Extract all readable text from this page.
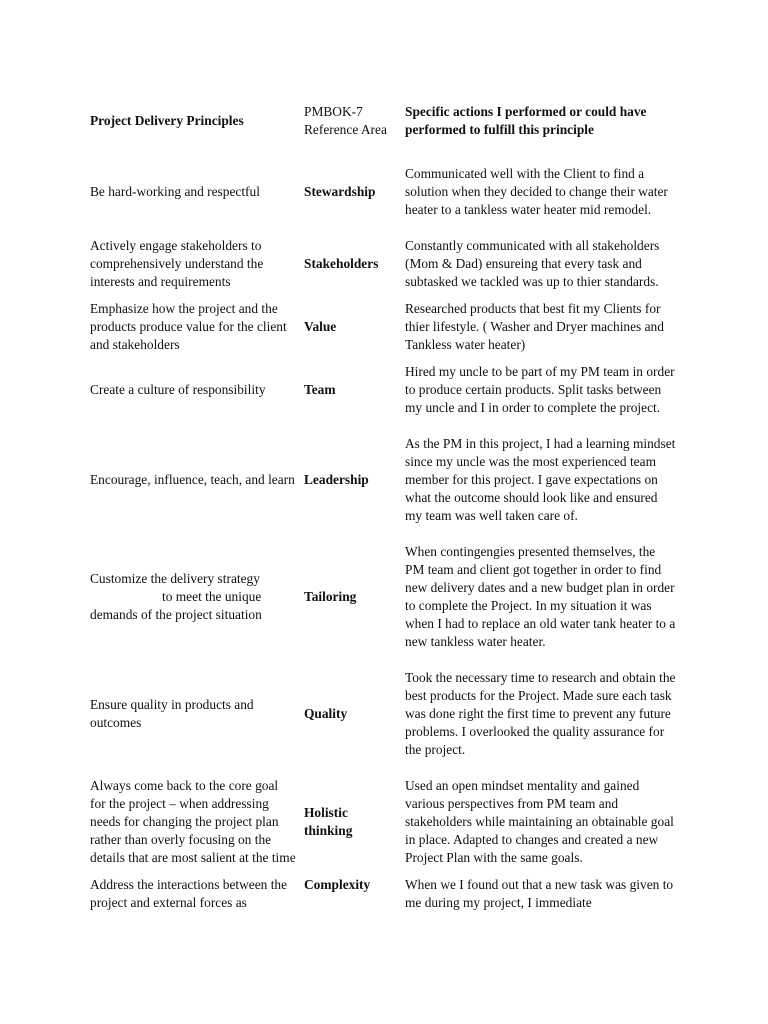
Project Delivery Principles	PMBOK-7 Reference Area	Specific actions I performed or could have performed to fulfill this principle
Be hard-working and respectful	Stewardship	Communicated well with the Client to find a solution when they decided to change their water heater to a tankless water heater mid remodel.
Actively engage stakeholders to comprehensively understand the interests and requirements	Stakeholders	Constantly communicated with all stakeholders (Mom & Dad) ensureing that every task and subtasked we tackled was up to thier standards.
Emphasize how the project and the products produce value for the client and stakeholders	Value	Researched products that best fit my Clients for thier lifestyle. ( Washer and Dryer machines and Tankless water heater)
Create a culture of responsibility	Team	Hired my uncle to be part of my PM team in order to produce certain products. Split tasks between my uncle and I in order to complete the project.
Encourage, influence, teach, and learn	Leadership	As the PM in this project, I had a learning mindset since my uncle was the most experienced team member for this project. I gave expectations on what the outcome should look like and ensured my team was well taken care of.
Customize the delivery strategyto meet the unique demands of the project situation	Tailoring	When contingengies presented themselves, the PM team and client got together in order to find new delivery dates and a new budget plan in order to complete the Project. In my situation it was when I had to replace an old water tank heater to a new tankless water heater.
Ensure quality in products and outcomes	Quality	Took the necessary time to research and obtain the best products for the Project. Made sure each task was done right the first time to prevent any future problems. I overlooked the quality assurance for the project.
Always come back to the core goal for the project – when addressing needs for changing the project plan rather than overly focusing on the details that are most salient at the time	Holistic thinking	Used an open mindset mentality and gained various perspectives from PM team and stakeholders while maintaining an obtainable goal in place. Adapted to changes and created a new Project Plan with the same goals.
Address the interactions between the project and external forces as	Complexity	When we I found out that a new task was given to me during my project, I immediate
